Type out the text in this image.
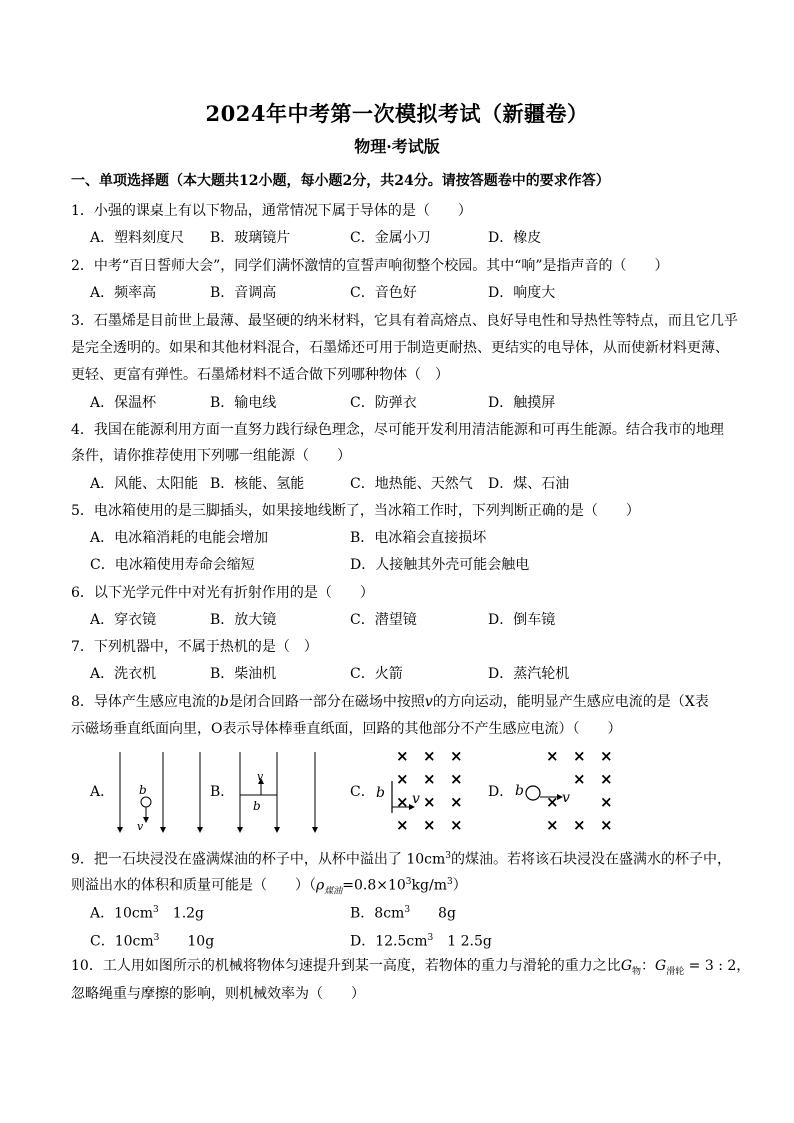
2024年中考第一次模拟考试（新疆卷）
物理·考试版
一、单项选择题（本大题共12小题，每小题2分，共24分。请按答题卷中的要求作答）
1．小强的课桌上有以下物品，通常情况下属于导体的是（　　）
A．塑料刻度尺 B．玻璃镜片	C．金属小刀	D．橡皮
2．中考“百日誓师大会”，同学们满怀激情的宣誓声响彻整个校园。其中“响”是指声音的（　　）
A．频率高	B．音调高	C．音色好	D．响度大
3．石墨烯是目前世上最薄、最坚硬的纳米材料，它具有着高熔点、良好导电性和导热性等特点，而且它几乎
是完全透明的。如果和其他材料混合，石墨烯还可用于制造更耐热、更结实的电导体，从而使新材料更薄、
更轻、更富有弹性。石墨烯材料不适合做下列哪种物体（　）
A．保温杯	B．输电线	C．防弹衣	D．触摸屏
4．我国在能源利用方面一直努力践行绿色理念，尽可能开发利用清洁能源和可再生能源。结合我市的地理
条件，请你推荐使用下列哪一组能源（　　）
A．风能、太阳能 B．核能、氢能	C．地热能、天然气 D．煤、石油
5．电冰箱使用的是三脚插头，如果接地线断了，当冰箱工作时，下列判断正确的是（　　）
A．电冰箱消耗的电能会增加	B．电冰箱会直接损坏
C．电冰箱使用寿命会缩短	D．人接触其外壳可能会触电
6．以下光学元件中对光有折射作用的是（　　）
A．穿衣镜	B．放大镜	C．潜望镜	D．倒车镜
7．下列机器中，不属于热机的是（　）
A．洗衣机	B．柴油机	C．火箭	D．蒸汽轮机
8．导体产生感应电流的b是闭合回路一部分在磁场中按照v的方向运动，能明显产生感应电流的是（X表
示磁场垂直纸面向里，O表示导体棒垂直纸面，回路的其他部分不产生感应电流）（　　）
A． b
v
B．
v
b
C．
× × ×
× × ×
× × ×
× × ×
b v	D．
× × ×
× ×
×	×
× × ×
b	v
9．把一石块浸没在盛满煤油的杯子中，从杯中溢出了 $10cm^3$的煤油。若将该石块浸没在盛满水的杯子中，
则溢出水的体积和质量可能是（　　）$(\rho_{煤油}=0.8\times 10^3kg/m^3)$
A．$10cm^3$　1.2g	B．$8cm^3$　　8g
C．$10cm^3$　　10g	D．$12.5cm^3$　1 2.5g
10．工人用如图所示的机械将物体匀速提升到某一高度，若物体的重力与滑轮的重力之比$G_物$：$G_{滑轮} = 3$ : 2，
忽略绳重与摩擦的影响，则机械效率为（　　）
